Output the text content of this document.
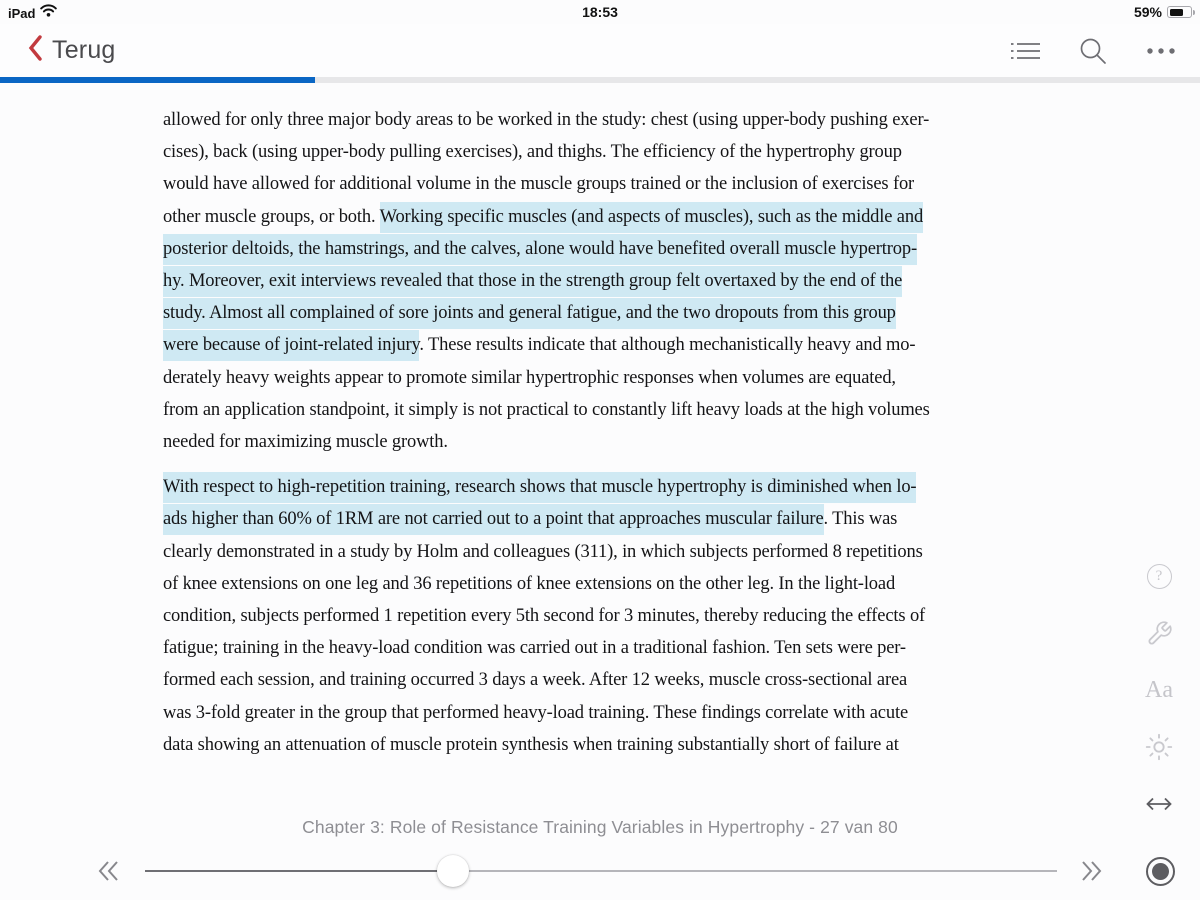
iPad	18:53	59%
Terug
allowed for only three major body areas to be worked in the study: chest (using upper-body pushing exer-
cises), back (using upper-body pulling exercises), and thighs. The efficiency of the hypertrophy group
would have allowed for additional volume in the muscle groups trained or the inclusion of exercises for
other muscle groups, or both. Working specific muscles (and aspects of muscles), such as the middle and
posterior deltoids, the hamstrings, and the calves, alone would have benefited overall muscle hypertrop-
hy. Moreover, exit interviews revealed that those in the strength group felt overtaxed by the end of the
study. Almost all complained of sore joints and general fatigue, and the two dropouts from this group
were because of joint-related injury. These results indicate that although mechanistically heavy and mo-
derately heavy weights appear to promote similar hypertrophic responses when volumes are equated,
from an application standpoint, it simply is not practical to constantly lift heavy loads at the high volumes
needed for maximizing muscle growth.
With respect to high-repetition training, research shows that muscle hypertrophy is diminished when lo-
ads higher than 60% of 1RM are not carried out to a point that approaches muscular failure. This was
clearly demonstrated in a study by Holm and colleagues (311), in which subjects performed 8 repetitions
of knee extensions on one leg and 36 repetitions of knee extensions on the other leg. In the light-load
condition, subjects performed 1 repetition every 5th second for 3 minutes, thereby reducing the effects of
fatigue; training in the heavy-load condition was carried out in a traditional fashion. Ten sets were per-
formed each session, and training occurred 3 days a week. After 12 weeks, muscle cross-sectional area
was 3-fold greater in the group that performed heavy-load training. These findings correlate with acute
data showing an attenuation of muscle protein synthesis when training substantially short of failure at
?
Aa
Chapter 3: Role of Resistance Training Variables in Hypertrophy - 27 van 80
